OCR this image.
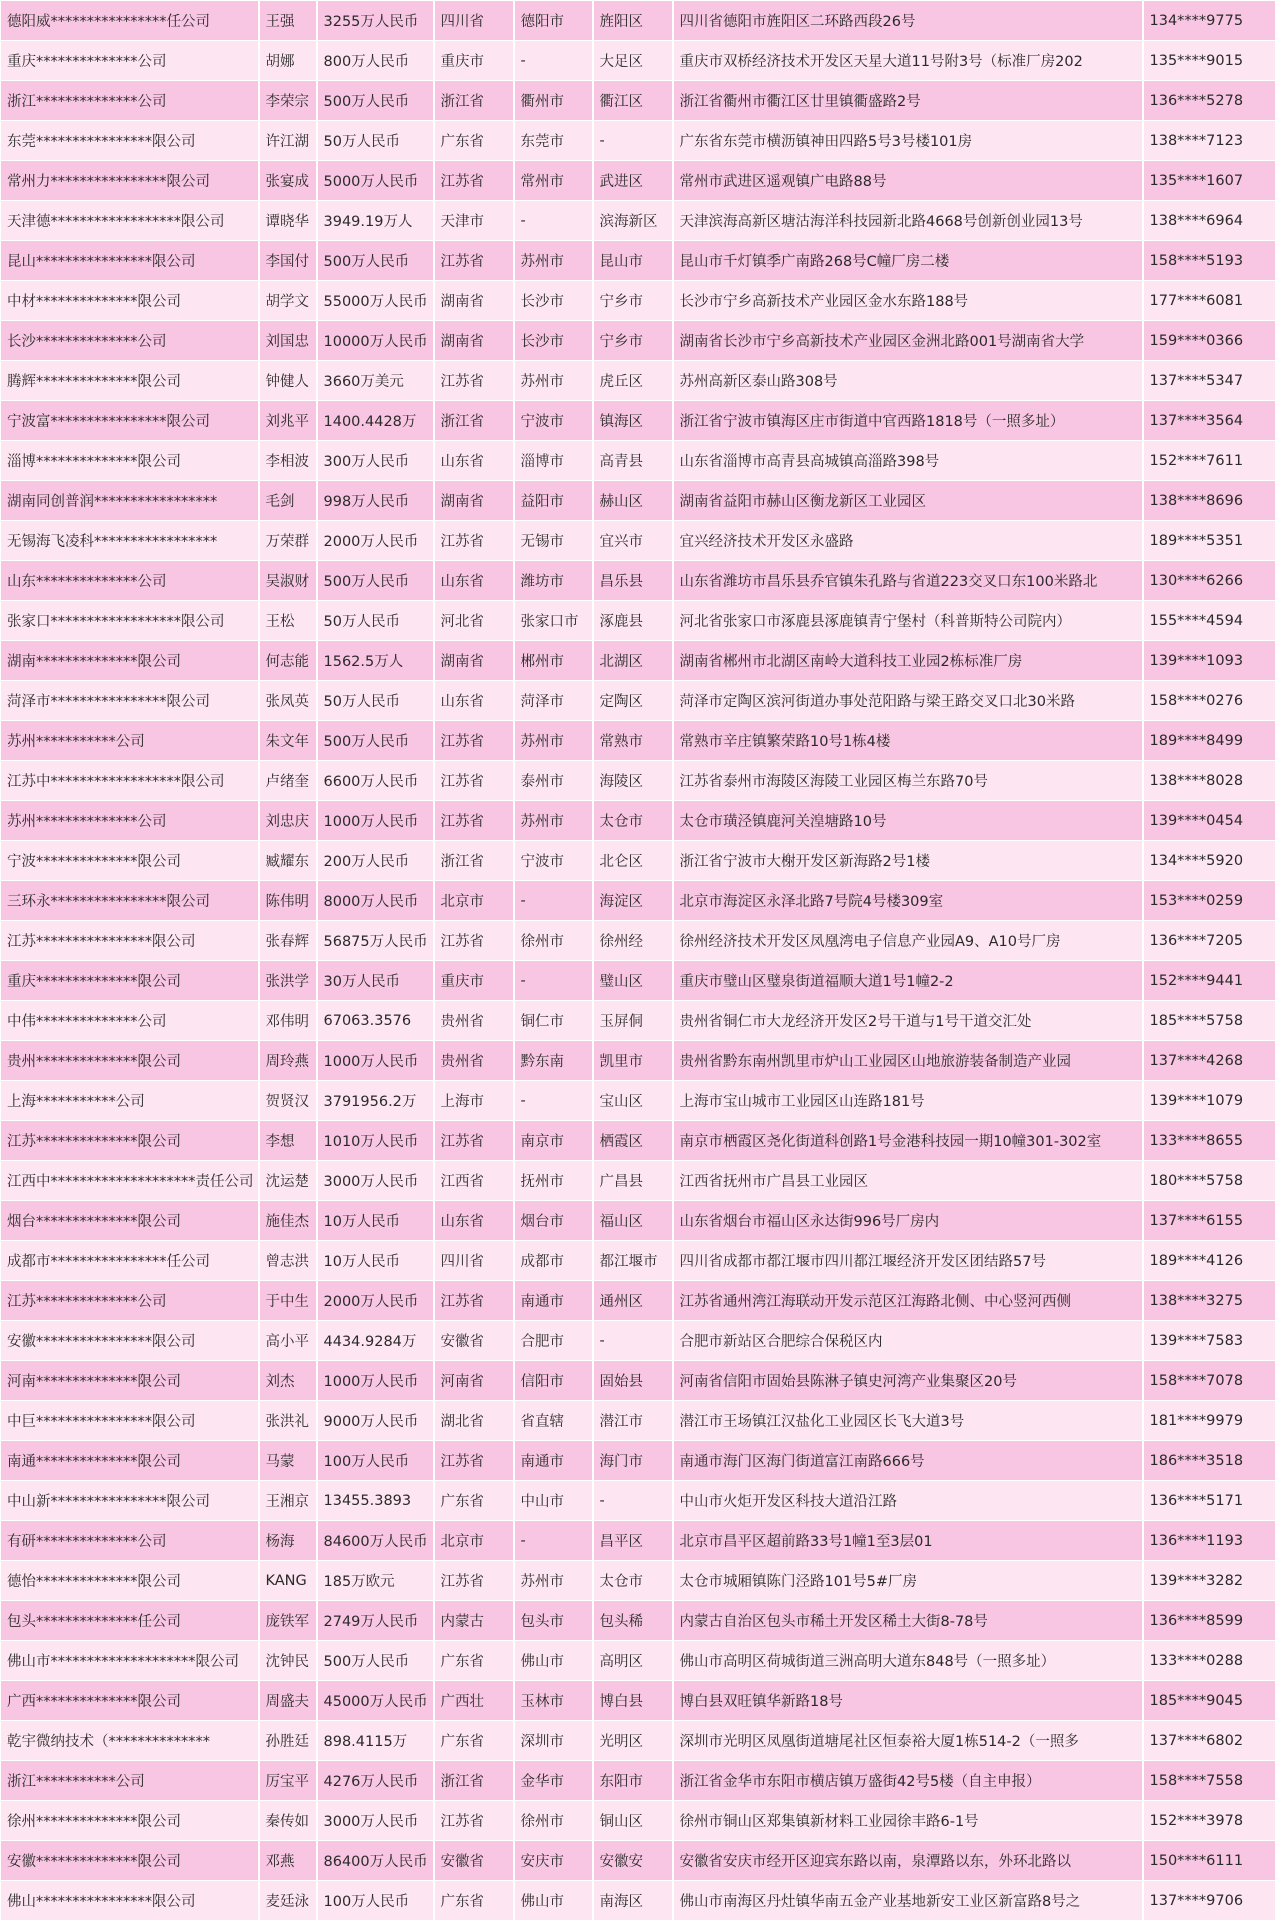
德阳威****************任公司	王强	3255万人民币	四川省	德阳市	旌阳区	四川省德阳市旌阳区二环路西段26号	134****9775
重庆**************公司	胡娜	800万人民币	重庆市	-	大足区	重庆市双桥经济技术开发区天星大道11号附3号（标准厂房202	135****9015
浙江**************公司	李荣宗	500万人民币	浙江省	衢州市	衢江区	浙江省衢州市衢江区廿里镇衢盛路2号	136****5278
东莞****************限公司	许江湖	50万人民币	广东省	东莞市	-	广东省东莞市横沥镇神田四路5号3号楼101房	138****7123
常州力****************限公司	张宴成	5000万人民币	江苏省	常州市	武进区	常州市武进区遥观镇广电路88号	135****1607
天津德******************限公司	谭晓华	3949.19万人	天津市	-	滨海新区	天津滨海高新区塘沽海洋科技园新北路4668号创新创业园13号	138****6964
昆山****************限公司	李国付	500万人民币	江苏省	苏州市	昆山市	昆山市千灯镇季广南路268号C幢厂房二楼	158****5193
中材**************限公司	胡学文	55000万人民币	湖南省	长沙市	宁乡市	长沙市宁乡高新技术产业园区金水东路188号	177****6081
长沙**************公司	刘国忠	10000万人民币	湖南省	长沙市	宁乡市	湖南省长沙市宁乡高新技术产业园区金洲北路001号湖南省大学	159****0366
腾辉**************限公司	钟健人	3660万美元	江苏省	苏州市	虎丘区	苏州高新区泰山路308号	137****5347
宁波富****************限公司	刘兆平	1400.4428万	浙江省	宁波市	镇海区	浙江省宁波市镇海区庄市街道中官西路1818号（一照多址）	137****3564
淄博**************限公司	李相波	300万人民币	山东省	淄博市	高青县	山东省淄博市高青县高城镇高淄路398号	152****7611
湖南同创普润*****************	毛剑	998万人民币	湖南省	益阳市	赫山区	湖南省益阳市赫山区衡龙新区工业园区	138****8696
无锡海飞凌科*****************	万荣群	2000万人民币	江苏省	无锡市	宜兴市	宜兴经济技术开发区永盛路	189****5351
山东**************公司	吴淑财	500万人民币	山东省	潍坊市	昌乐县	山东省潍坊市昌乐县乔官镇朱孔路与省道223交叉口东100米路北	130****6266
张家口******************限公司	王松	50万人民币	河北省	张家口市	涿鹿县	河北省张家口市涿鹿县涿鹿镇青宁堡村（科普斯特公司院内）	155****4594
湖南**************限公司	何志能	1562.5万人	湖南省	郴州市	北湖区	湖南省郴州市北湖区南岭大道科技工业园2栋标准厂房	139****1093
菏泽市****************限公司	张凤英	50万人民币	山东省	菏泽市	定陶区	菏泽市定陶区滨河街道办事处范阳路与梁王路交叉口北30米路	158****0276
苏州***********公司	朱文年	500万人民币	江苏省	苏州市	常熟市	常熟市辛庄镇繁荣路10号1栋4楼	189****8499
江苏中******************限公司	卢绪奎	6600万人民币	江苏省	泰州市	海陵区	江苏省泰州市海陵区海陵工业园区梅兰东路70号	138****8028
苏州**************公司	刘忠庆	1000万人民币	江苏省	苏州市	太仓市	太仓市璜泾镇鹿河关湟塘路10号	139****0454
宁波**************限公司	臧耀东	200万人民币	浙江省	宁波市	北仑区	浙江省宁波市大榭开发区新海路2号1楼	134****5920
三环永****************限公司	陈伟明	8000万人民币	北京市	-	海淀区	北京市海淀区永泽北路7号院4号楼309室	153****0259
江苏****************限公司	张春辉	56875万人民币	江苏省	徐州市	徐州经	徐州经济技术开发区凤凰湾电子信息产业园A9、A10号厂房	136****7205
重庆**************限公司	张洪学	30万人民币	重庆市	-	璧山区	重庆市璧山区璧泉街道福顺大道1号1幢2-2	152****9441
中伟**************公司	邓伟明	67063.3576	贵州省	铜仁市	玉屏侗	贵州省铜仁市大龙经济开发区2号干道与1号干道交汇处	185****5758
贵州**************限公司	周玲燕	1000万人民币	贵州省	黔东南	凯里市	贵州省黔东南州凯里市炉山工业园区山地旅游装备制造产业园	137****4268
上海***********公司	贺贤汉	3791956.2万	上海市	-	宝山区	上海市宝山城市工业园区山连路181号	139****1079
江苏**************限公司	李想	1010万人民币	江苏省	南京市	栖霞区	南京市栖霞区尧化街道科创路1号金港科技园一期10幢301-302室	133****8655
江西中********************责任公司	沈运楚	3000万人民币	江西省	抚州市	广昌县	江西省抚州市广昌县工业园区	180****5758
烟台**************限公司	施佳杰	10万人民币	山东省	烟台市	福山区	山东省烟台市福山区永达街996号厂房内	137****6155
成都市****************任公司	曾志洪	10万人民币	四川省	成都市	都江堰市	四川省成都市都江堰市四川都江堰经济开发区团结路57号	189****4126
江苏**************公司	于中生	2000万人民币	江苏省	南通市	通州区	江苏省通州湾江海联动开发示范区江海路北侧、中心竖河西侧	138****3275
安徽****************限公司	高小平	4434.9284万	安徽省	合肥市	-	合肥市新站区合肥综合保税区内	139****7583
河南**************限公司	刘杰	1000万人民币	河南省	信阳市	固始县	河南省信阳市固始县陈淋子镇史河湾产业集聚区20号	158****7078
中巨****************限公司	张洪礼	9000万人民币	湖北省	省直辖	潜江市	潜江市王场镇江汉盐化工业园区长飞大道3号	181****9979
南通**************限公司	马蒙	100万人民币	江苏省	南通市	海门市	南通市海门区海门街道富江南路666号	186****3518
中山新****************限公司	王湘京	13455.3893	广东省	中山市	-	中山市火炬开发区科技大道沿江路	136****5171
有研**************公司	杨海	84600万人民币	北京市	-	昌平区	北京市昌平区超前路33号1幢1至3层01	136****1193
德怡**************限公司	KANG	185万欧元	江苏省	苏州市	太仓市	太仓市城厢镇陈门泾路101号5#厂房	139****3282
包头**************任公司	庞铁军	2749万人民币	内蒙古	包头市	包头稀	内蒙古自治区包头市稀土开发区稀土大街8-78号	136****8599
佛山市********************限公司	沈钟民	500万人民币	广东省	佛山市	高明区	佛山市高明区荷城街道三洲高明大道东848号（一照多址）	133****0288
广西**************限公司	周盛夫	45000万人民币	广西壮	玉林市	博白县	博白县双旺镇华新路18号	185****9045
乾宇微纳技术（**************	孙胜廷	898.4115万	广东省	深圳市	光明区	深圳市光明区凤凰街道塘尾社区恒泰裕大厦1栋514-2（一照多	137****6802
浙江***********公司	厉宝平	4276万人民币	浙江省	金华市	东阳市	浙江省金华市东阳市横店镇万盛街42号5楼（自主申报）	158****7558
徐州**************限公司	秦传如	3000万人民币	江苏省	徐州市	铜山区	徐州市铜山区郑集镇新材料工业园徐丰路6-1号	152****3978
安徽**************限公司	邓燕	86400万人民币	安徽省	安庆市	安徽安	安徽省安庆市经开区迎宾东路以南，泉潭路以东，外环北路以	150****6111
佛山****************限公司	麦廷泳	100万人民币	广东省	佛山市	南海区	佛山市南海区丹灶镇华南五金产业基地新安工业区新富路8号之	137****9706
